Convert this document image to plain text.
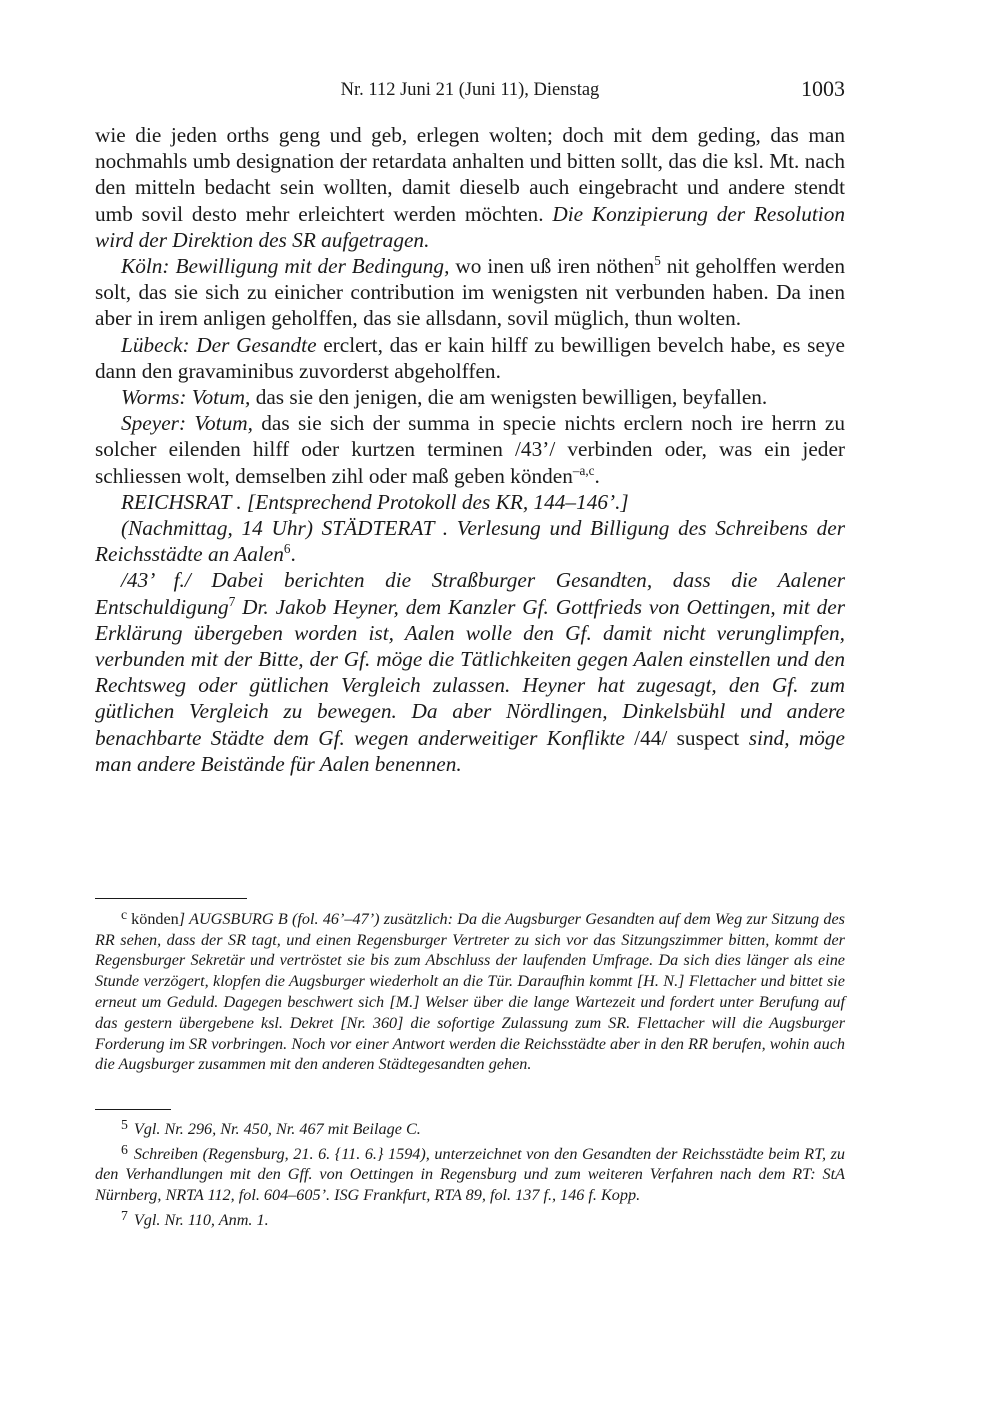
Nr. 112 Juni 21 (Juni 11), Dienstag	1003

wie die jeden orths geng und geb, erlegen wolten; doch mit dem geding, das man nochmahls umb designation der retardata anhalten und bitten sollt, das die ksl. Mt. nach den mitteln bedacht sein wollten, damit dieselb auch eingebracht und andere stendt umb sovil desto mehr erleichtert werden möchten. Die Konzipierung der Resolution wird der Direktion des SR aufgetragen.

Köln: Bewilligung mit der Bedingung, wo inen uß iren nöthen$^5$ nit geholffen werden solt, das sie sich zu einicher contribution im wenigsten nit verbunden haben. Da inen aber in irem anligen geholffen, das sie allsdann, sovil müglich, thun wolten.

Lübeck: Der Gesandte erclert, das er kain hilff zu bewilligen bevelch habe, es seye dann den gravaminibus zuvorderst abgeholffen.

Worms: Votum, das sie den jenigen, die am wenigsten bewilligen, beyfallen.

Speyer: Votum, das sie sich der summa in specie nichts erclern noch ire herrn zu solcher eilenden hilff oder kurtzen terminen /43’/ verbinden oder, was ein jeder schliessen wolt, demselben zihl oder maß geben könden$^{-a,c}$.

REICHSRAT . [Entsprechend Protokoll des KR, 144–146’.]

(Nachmittag, 14 Uhr) STÄDTERAT . Verlesung und Billigung des Schreibens der Reichsstädte an Aalen$^6$.

/43’ f./ Dabei berichten die Straßburger Gesandten, dass die Aalener Entschuldigung$^7$ Dr. Jakob Heyner, dem Kanzler Gf. Gottfrieds von Oettingen, mit der Erklärung übergeben worden ist, Aalen wolle den Gf. damit nicht verunglimpfen, verbunden mit der Bitte, der Gf. möge die Tätlichkeiten gegen Aalen einstellen und den Rechtsweg oder gütlichen Vergleich zulassen. Heyner hat zugesagt, den Gf. zum gütlichen Vergleich zu bewegen. Da aber Nördlingen, Dinkelsbühl und andere benachbarte Städte dem Gf. wegen anderweitiger Konflikte /44/ suspect sind, möge man andere Beistände für Aalen benennen.

$^c$ könden] AUGSBURG B (fol. 46’–47’) zusätzlich: Da die Augsburger Gesandten auf dem Weg zur Sitzung des RR sehen, dass der SR tagt, und einen Regensburger Vertreter zu sich vor das Sitzungszimmer bitten, kommt der Regensburger Sekretär und vertröstet sie bis zum Abschluss der laufenden Umfrage. Da sich dies länger als eine Stunde verzögert, klopfen die Augsburger wiederholt an die Tür. Daraufhin kommt [H. N.] Flettacher und bittet sie erneut um Geduld. Dagegen beschwert sich [M.] Welser über die lange Wartezeit und fordert unter Berufung auf das gestern übergebene ksl. Dekret [Nr. 360] die sofortige Zulassung zum SR. Flettacher will die Augsburger Forderung im SR vorbringen. Noch vor einer Antwort werden die Reichsstädte aber in den RR berufen, wohin auch die Augsburger zusammen mit den anderen Städtegesandten gehen.

$^5$ Vgl. Nr. 296, Nr. 450, Nr. 467 mit Beilage C.

$^6$ Schreiben (Regensburg, 21. 6. {11. 6.} 1594), unterzeichnet von den Gesandten der Reichsstädte beim RT, zu den Verhandlungen mit den Gff. von Oettingen in Regensburg und zum weiteren Verfahren nach dem RT: StA Nürnberg, NRTA 112, fol. 604–605’. ISG Frankfurt, RTA 89, fol. 137 f., 146 f. Kopp.

$^7$ Vgl. Nr. 110, Anm. 1.
